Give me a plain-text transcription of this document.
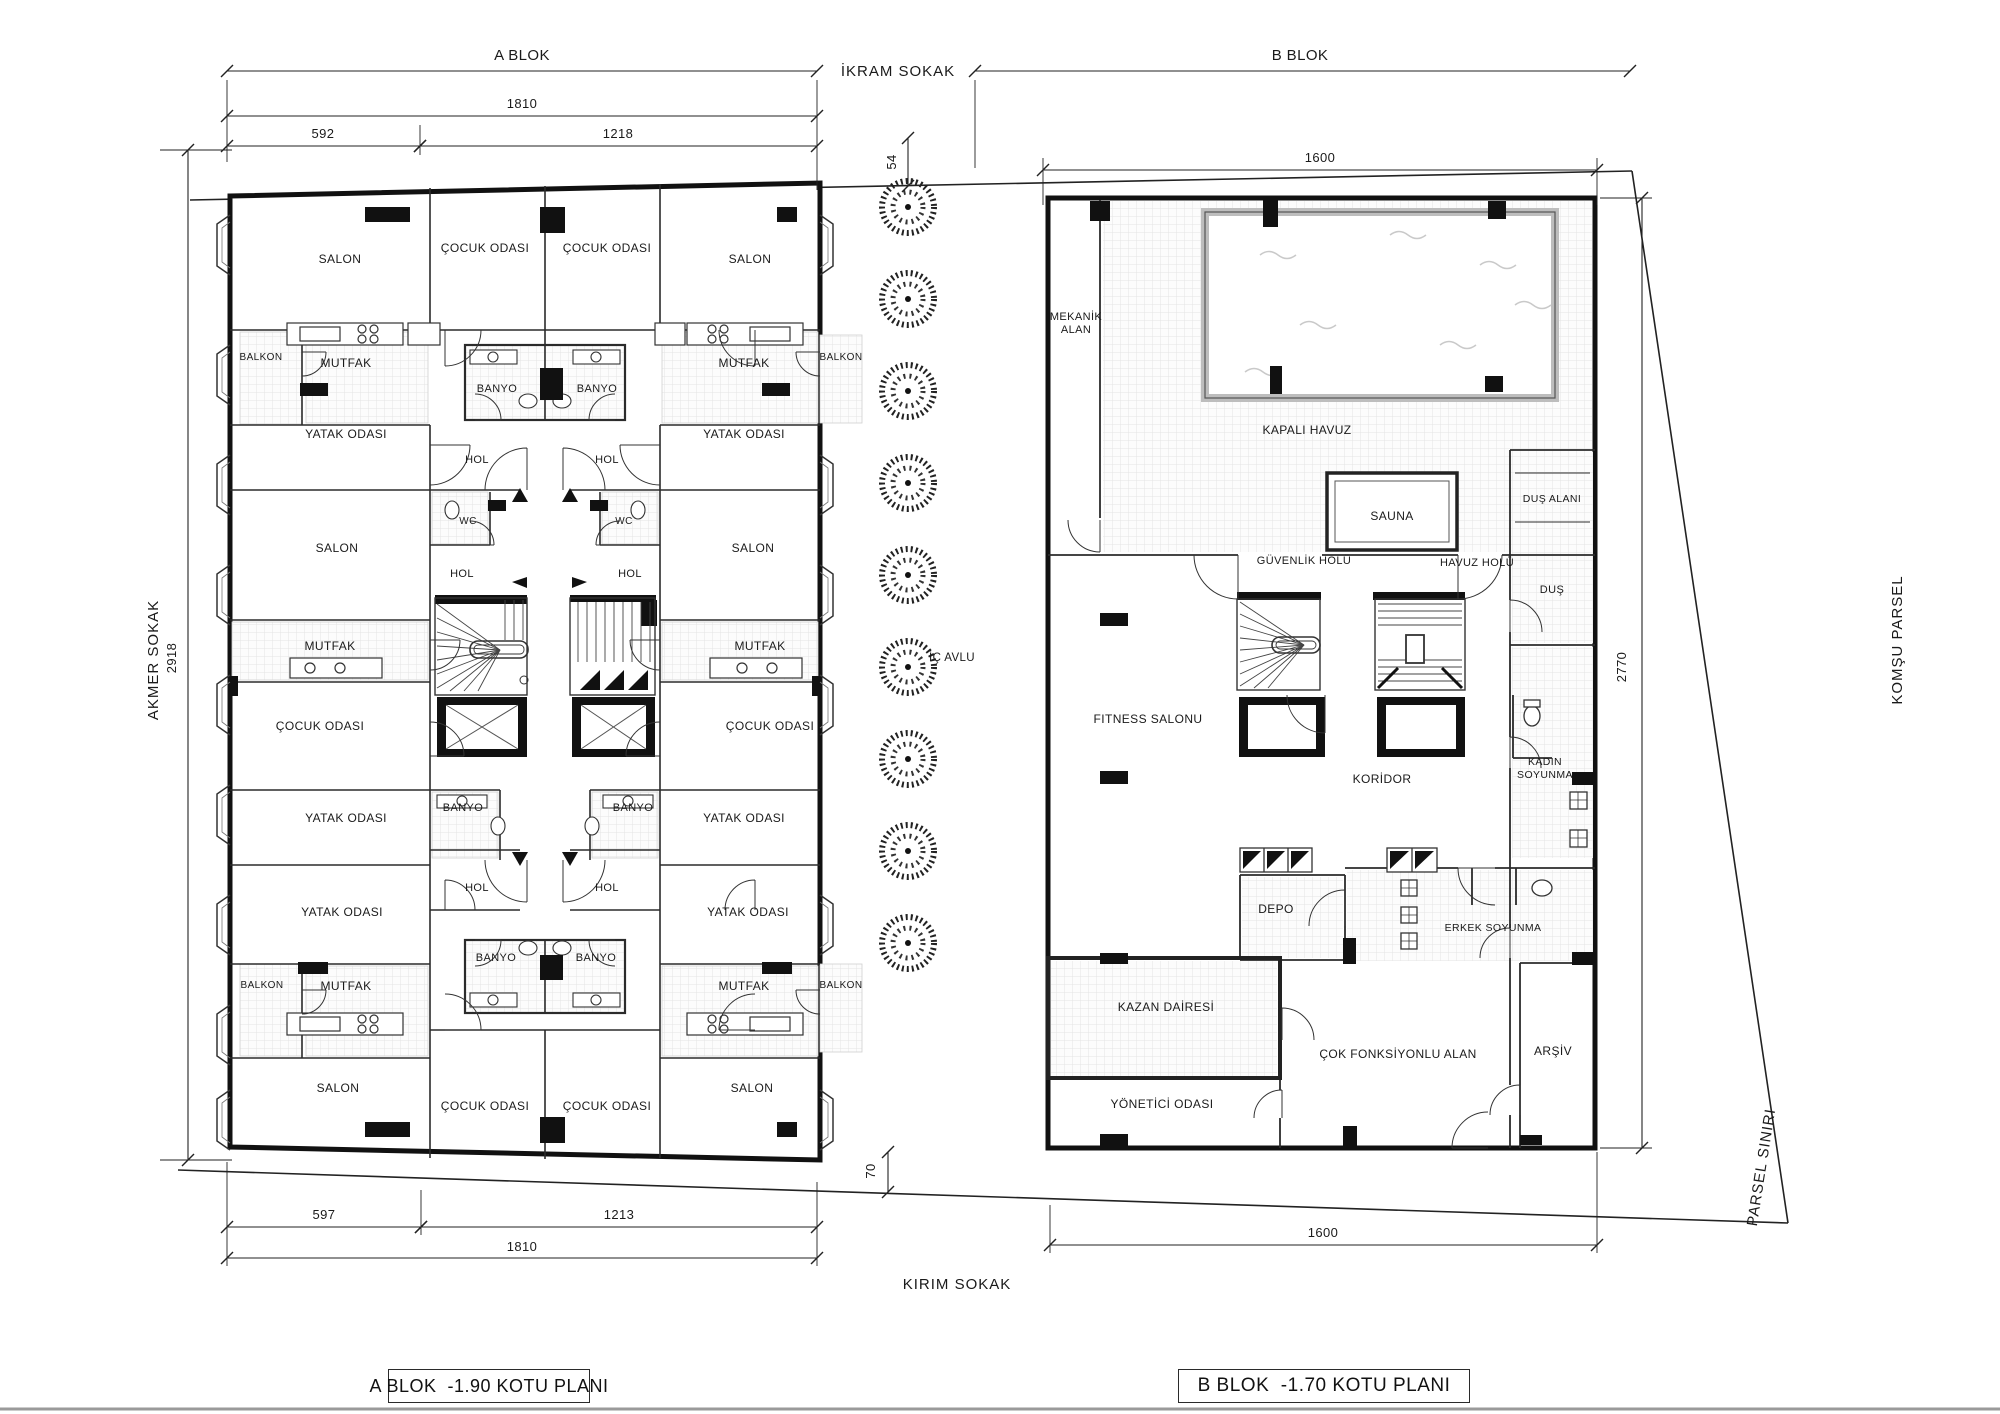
SALON
ÇOCUK ODASI	ÇOCUK ODASI
SALON
BALKON	MUTFAK
BANYO	BANYO
MUTFAK	BALKON
YATAK ODASI
HOL	HOL
YATAK ODASI
WC	WC
SALON	SALON
HOL	HOL
MUTFAK	MUTFAK
ÇOCUK ODASI	ÇOCUK ODASI
BANYO	BANYO
YATAK ODASI	YATAK ODASI
HOL	HOL
YATAK ODASI	YATAK ODASI
BANYO	BANYO
BALKON	MUTFAK	MUTFAK	BALKON
SALON
ÇOCUK ODASI	ÇOCUK ODASI
SALON
MEKANİK ALAN
KAPALI HAVUZ
SAUNA
DUŞ ALANI
GÜVENLİK HOLÜ	HAVUZ HOLÜ
DUŞ
FITNESS SALONU
KORİDOR
KADIN SOYUNMA
DEPO
ERKEK SOYUNMA
KAZAN DAİRESİ
ÇOK FONKSİYONLU ALAN	ARŞİV
YÖNETİCİ ODASI
İÇ AVLU
İKRAM SOKAK
AKMER SOKAK
KIRIM SOKAK
KOMŞU PARSEL
PARSEL SINIRI
A BLOK	B BLOK
1810
592	1218
54	1600
2918	2770
597	1213
1810
70
1600
A BLOK  -1.90 KOTU PLANI	B BLOK  -1.70 KOTU PLANI
